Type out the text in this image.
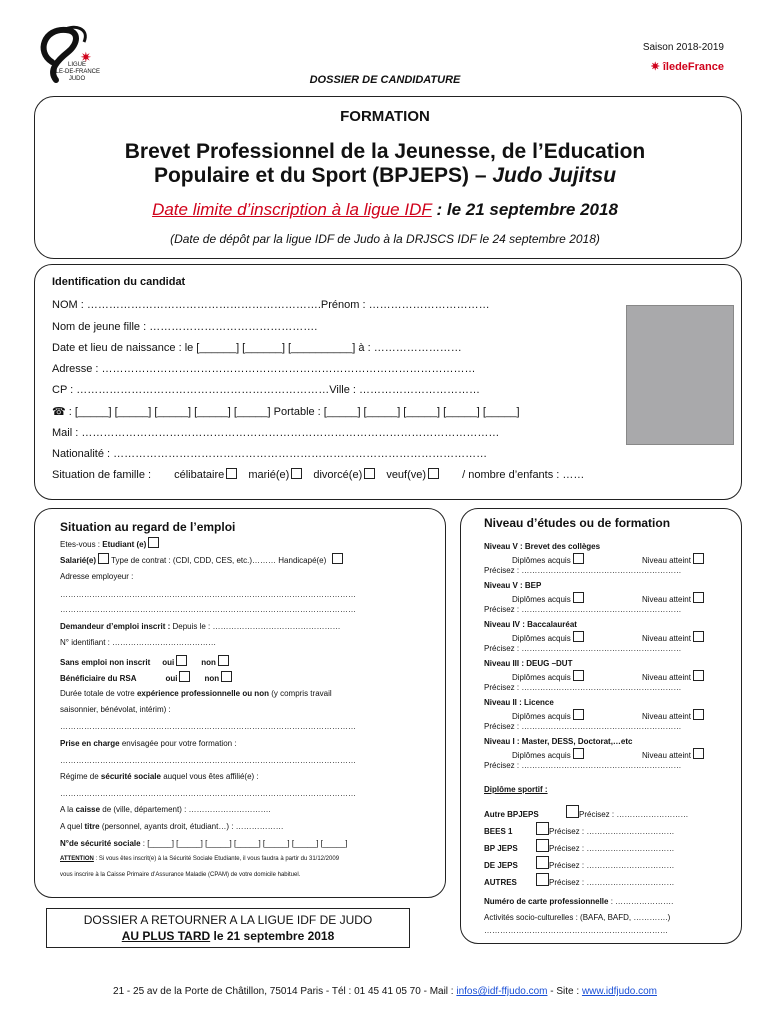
✷
LIGUE
ILE-DE-FRANCE
JUDO
Saison 2018-2019
✷ îledeFrance
DOSSIER DE CANDIDATURE
FORMATION
Brevet Professionnel de la Jeunesse, de l’Education
Populaire et du Sport (BPJEPS) – Judo Jujitsu
Date limite d’inscription à la ligue IDF : le 21 septembre 2018
(Date de dépôt par la ligue IDF de Judo à la DRJSCS IDF le 24 septembre 2018)
Identification du candidat
NOM : ……………………………………………………….Prénom : ……………………………
Nom de jeune fille : ……………………………………….
Date et lieu de naissance : le [______] [______] [__________] à : ……………………
Adresse : …………………………………………………………………………………………
CP : ……………………………………………………………Ville : ……………………………
☎ : [_____] [_____] [_____] [_____] [_____] Portable : [_____] [_____] [_____] [_____] [_____]
Mail : ……………………………………………………………………………………………………
Nationalité : …………………………………………………………………………………………
Situation de famille : célibataire marié(e) divorcé(e) veuf(ve)	/ nombre d’enfants : ……
Situation au regard de l’emploi
Etes-vous : Etudiant (e)
Salarié(e) Type de contrat : (CDI, CDD, CES, etc.)……… Handicapé(e)
Adresse employeur :
…………………………………………………………………………………………………
…………………………………………………………………………………………………
Demandeur d’emploi inscrit : Depuis le : …………………………………………
N° identifiant : …………………………………
Sans emploi non inscrit oui	non
Bénéficiaire du RSA	oui	non
Durée totale de votre expérience professionnelle ou non (y compris travail
saisonnier, bénévolat, intérim) :
…………………………………………………………………………………………………
Prise en charge envisagée pour votre formation :
…………………………………………………………………………………………………
Régime de sécurité sociale auquel vous êtes affilié(e) :
…………………………………………………………………………………………………
A la caisse de (ville, département) : ………………………….
A quel titre (personnel, ayants droit, étudiant…) : ………………
N°de sécurité sociale : [_____] [_____] [_____] [_____] [_____] [_____] [_____]
ATTENTION : Si vous êtes inscrit(e) à la Sécurité Sociale Etudiante, il vous faudra à partir du 31/12/2009
vous inscrire à la Caisse Primaire d’Assurance Maladie (CPAM) de votre domicile habituel.
Niveau d’études ou de formation
Niveau V : Brevet des collèges
Diplômes acquis	Niveau atteint
Précisez : ……………………………………………………
Niveau V : BEP
Diplômes acquis	Niveau atteint
Précisez : ……………………………………………………
Niveau IV : Baccalauréat
Diplômes acquis	Niveau atteint
Précisez : ……………………………………………………
Niveau III : DEUG –DUT
Diplômes acquis	Niveau atteint
Précisez : ……………………………………………………
Niveau II : Licence
Diplômes acquis	Niveau atteint
Précisez : ……………………………………………………
Niveau I : Master, DESS, Doctorat,…etc
Diplômes acquis	Niveau atteint
Précisez : ……………………………………………………
Diplôme sportif :
Autre BPJEPS	Précisez : ………………………
BEES 1	Précisez : ……………………………
BP JEPS	Précisez : ……………………………
DE JEPS	Précisez : ……………………………
AUTRES	Précisez : ……………………………
Numéro de carte professionnelle : ………………….
Activités socio-culturelles : (BAFA, BAFD, ………….)
……………………………………………………………
DOSSIER A RETOURNER A LA LIGUE IDF DE JUDO
AU PLUS TARD le 21 septembre 2018
21 - 25 av de la Porte de Châtillon, 75014 Paris - Tél : 01 45 41 05 70 - Mail : infos@idf-ffjudo.com - Site : www.idfjudo.com
